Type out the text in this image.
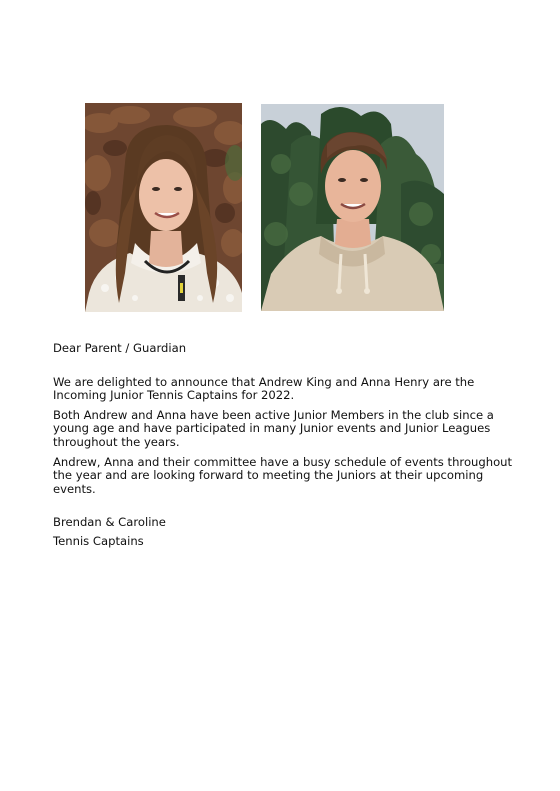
Dear Parent / Guardian

We are delighted to announce that Andrew King and Anna Henry are the Incoming Junior Tennis Captains for 2022.

Both Andrew and Anna have been active Junior Members in the club since a young age and have participated in many Junior events and Junior Leagues throughout the years.

Andrew, Anna and their committee have a busy schedule of events throughout the year and are looking forward to meeting the Juniors at their upcoming events.

Brendan & Caroline

Tennis Captains
